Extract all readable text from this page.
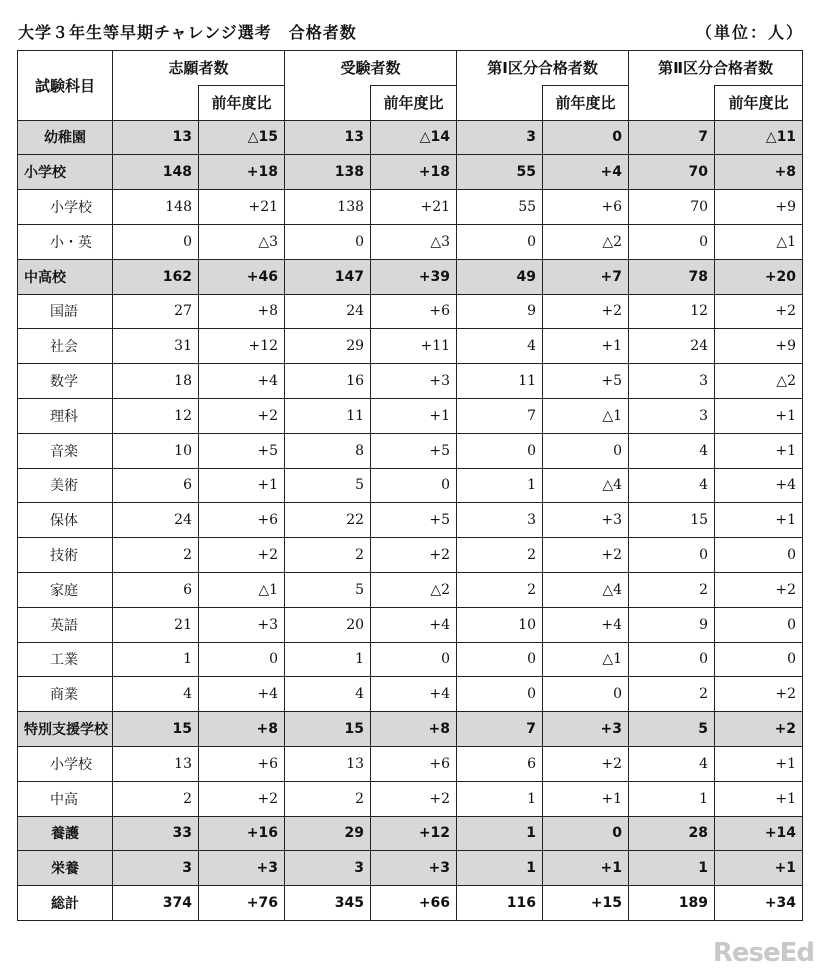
大学３年生等早期チャレンジ選考　合格者数	（単位：人）
試験科目	志願者数		受験者数		第Ⅰ区分合格者数		第Ⅱ区分合格者数	
		前年度比		前年度比		前年度比		前年度比
幼稚園	13	△15	13	△14	3	0	7	△11
小学校	148	+18	138	+18	55	+4	70	+8
小学校	148	+21	138	+21	55	+6	70	+9
小・英	0	△3	0	△3	0	△2	0	△1
中高校	162	+46	147	+39	49	+7	78	+20
国語	27	+8	24	+6	9	+2	12	+2
社会	31	+12	29	+11	4	+1	24	+9
数学	18	+4	16	+3	11	+5	3	△2
理科	12	+2	11	+1	7	△1	3	+1
音楽	10	+5	8	+5	0	0	4	+1
美術	6	+1	5	0	1	△4	4	+4
保体	24	+6	22	+5	3	+3	15	+1
技術	2	+2	2	+2	2	+2	0	0
家庭	6	△1	5	△2	2	△4	2	+2
英語	21	+3	20	+4	10	+4	9	0
工業	1	0	1	0	0	△1	0	0
商業	4	+4	4	+4	0	0	2	+2
特別支援学校	15	+8	15	+8	7	+3	5	+2
小学校	13	+6	13	+6	6	+2	4	+1
中高	2	+2	2	+2	1	+1	1	+1
養護	33	+16	29	+12	1	0	28	+14
栄養	3	+3	3	+3	1	+1	1	+1
総計	374	+76	345	+66	116	+15	189	+34
ReseEd
